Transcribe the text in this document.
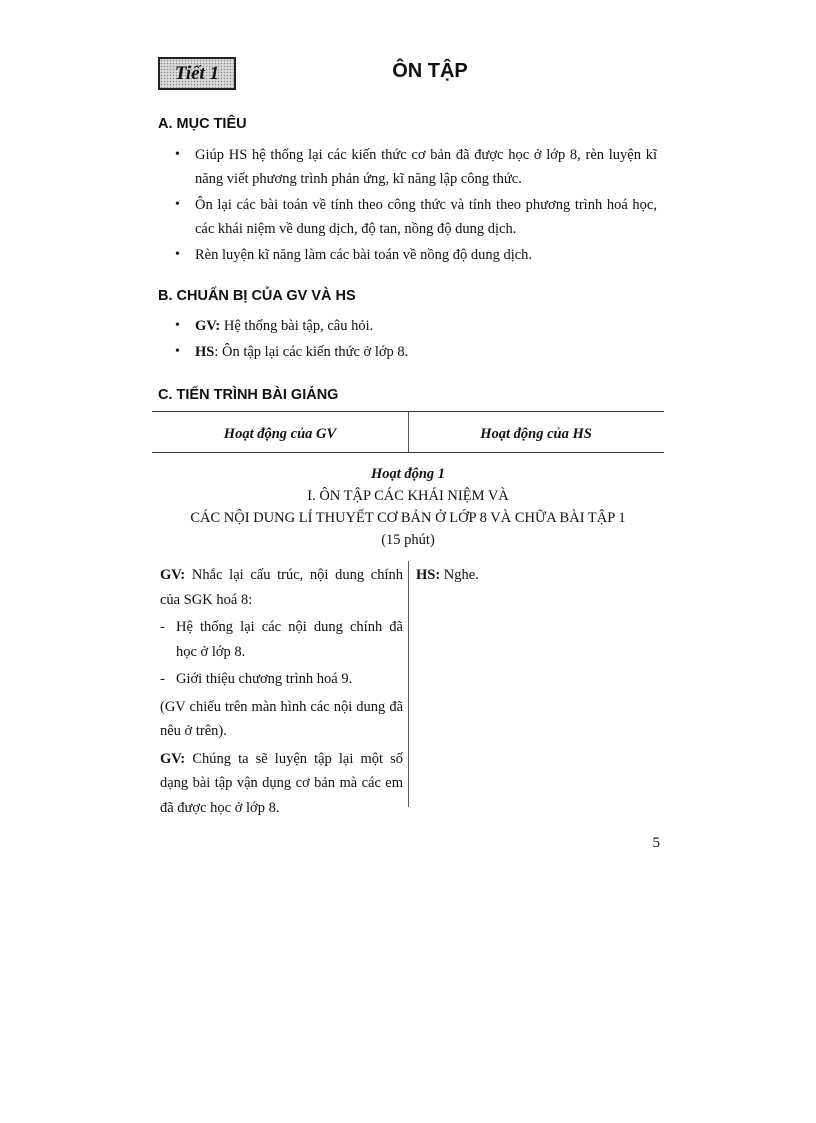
Tiết 1	ÔN TẬP
A. MỤC TIÊU
• Giúp HS hệ thống lại các kiến thức cơ bản đã được học ở lớp 8, rèn luyện kĩ năng viết phương trình phản ứng, kĩ năng lập công thức.
• Ôn lại các bài toán về tính theo công thức và tính theo phương trình hoá học, các khái niệm về dung dịch, độ tan, nồng độ dung dịch.
• Rèn luyện kĩ năng làm các bài toán về nồng độ dung dịch.
B. CHUẨN BỊ CỦA GV VÀ HS
• GV: Hệ thống bài tập, câu hỏi.
• HS: Ôn tập lại các kiến thức ở lớp 8.
C. TIẾN TRÌNH BÀI GIẢNG
Hoạt động của GV	Hoạt động của HS
Hoạt động 1
I. ÔN TẬP CÁC KHÁI NIỆM VÀ
CÁC NỘI DUNG LÍ THUYẾT CƠ BẢN Ở LỚP 8 VÀ CHỮA BÀI TẬP 1
(15 phút)

GV: Nhắc lại cấu trúc, nội dung chính của SGK hoá 8:

- Hệ thống lại các nội dung chính đã học ở lớp 8.

- Giới thiệu chương trình hoá 9.

(GV chiếu trên màn hình các nội dung đã nêu ở trên).

GV: Chúng ta sẽ luyện tập lại một số dạng bài tập vận dụng cơ bản mà các em đã được học ở lớp 8.

HS: Nghe.

5
